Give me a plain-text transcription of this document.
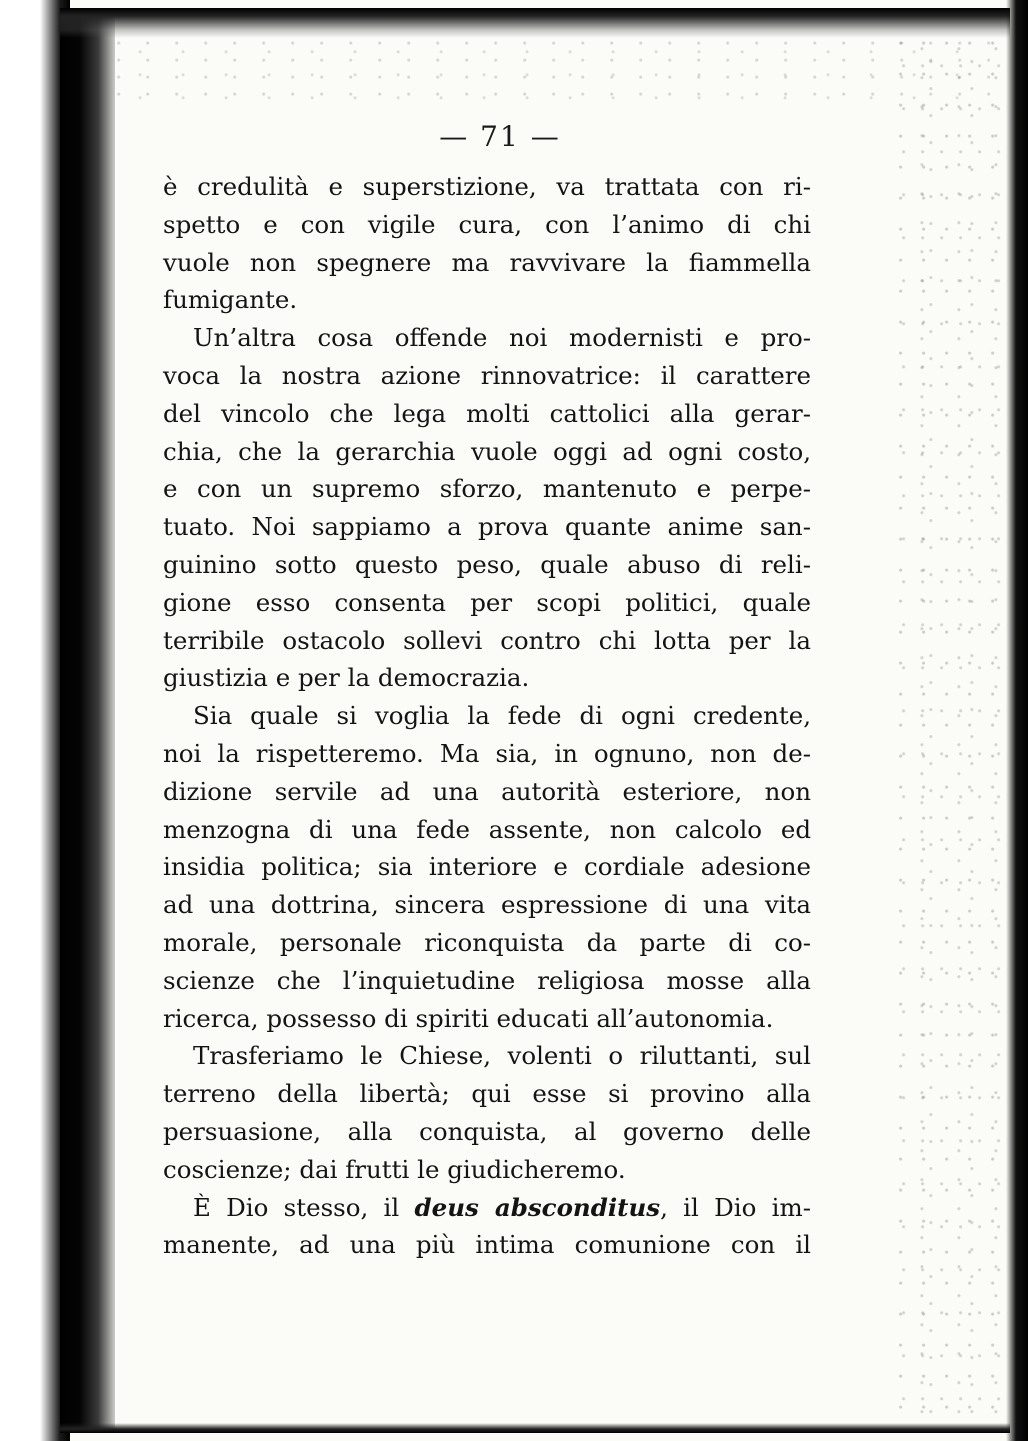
— 71 —

è credulità e superstizione, va trattata con ri-
spetto e con vigile cura, con l’animo di chi
vuole non spegnere ma ravvivare la fiammella
fumigante.
Un’altra cosa offende noi modernisti e pro-
voca la nostra azione rinnovatrice: il carattere
del vincolo che lega molti cattolici alla gerar-
chia, che la gerarchia vuole oggi ad ogni costo,
e con un supremo sforzo, mantenuto e perpe-
tuato. Noi sappiamo a prova quante anime san-
guinino sotto questo peso, quale abuso di reli-
gione esso consenta per scopi politici, quale
terribile ostacolo sollevi contro chi lotta per la
giustizia e per la democrazia.
Sia quale si voglia la fede di ogni credente,
noi la rispetteremo. Ma sia, in ognuno, non de-
dizione servile ad una autorità esteriore, non
menzogna di una fede assente, non calcolo ed
insidia politica; sia interiore e cordiale adesione
ad una dottrina, sincera espressione di una vita
morale, personale riconquista da parte di co-
scienze che l’inquietudine religiosa mosse alla
ricerca, possesso di spiriti educati all’autonomia.
Trasferiamo le Chiese, volenti o riluttanti, sul
terreno della libertà; qui esse si provino alla
persuasione, alla conquista, al governo delle
coscienze; dai frutti le giudicheremo.
È Dio stesso, il deus absconditus, il Dio im-
manente, ad una più intima comunione con il
